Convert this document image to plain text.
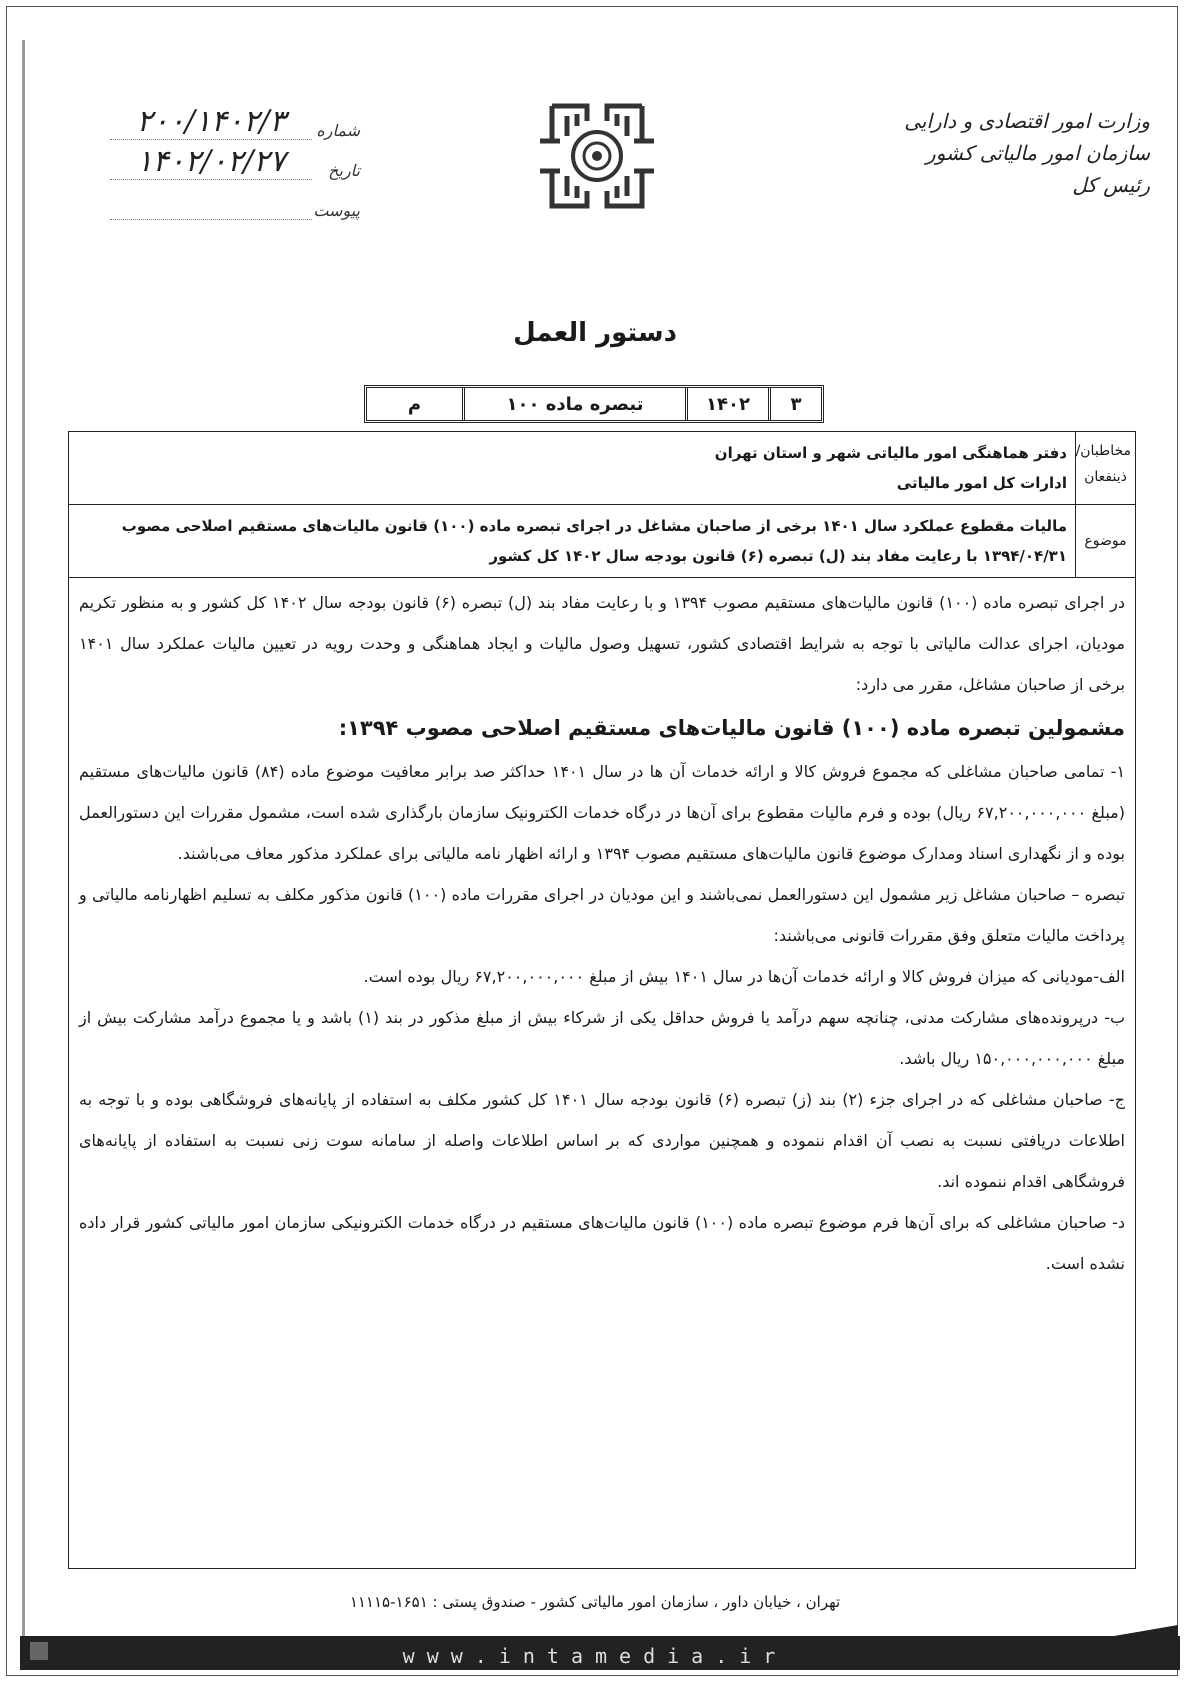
وزارت امور اقتصادی و دارایی
سازمان امور مالیاتی کشور
رئیس کل
شماره
۲۰۰/۱۴۰۲/۳
تاریخ
۱۴۰۲/۰۲/۲۷
پیوست
دستور العمل
۳
۱۴۰۲
تبصره ماده ۱۰۰
م
مخاطبان/ ذینفعان
دفتر هماهنگی امور مالیاتی شهر و استان تهران
ادارات کل امور مالیاتی
موضوع
مالیات مقطوع عملکرد سال ۱۴۰۱ برخی از صاحبان مشاغل در اجرای تبصره ماده (۱۰۰) قانون مالیات‌های مستقیم اصلاحی مصوب ۱۳۹۴/۰۴/۳۱ با رعایت مفاد بند (ل) تبصره (۶) قانون بودجه سال ۱۴۰۲ کل کشور

در اجرای تبصره ماده (۱۰۰) قانون مالیات‌های مستقیم مصوب ۱۳۹۴ و با رعایت مفاد بند (ل) تبصره (۶) قانون بودجه سال ۱۴۰۲ کل کشور و به منظور تکریم مودیان، اجرای عدالت مالیاتی با توجه به شرایط اقتصادی کشور، تسهیل وصول مالیات و ایجاد هماهنگی و وحدت رویه در تعیین مالیات عملکرد سال ۱۴۰۱ برخی از صاحبان مشاغل، مقرر می دارد:

مشمولین تبصره ماده (۱۰۰) قانون مالیات‌های مستقیم اصلاحی مصوب ۱۳۹۴:

۱- تمامی صاحبان مشاغلی که مجموع فروش کالا و ارائه خدمات آن ها در سال ۱۴۰۱ حداکثر صد برابر معافیت موضوع ماده (۸۴) قانون مالیات‌های مستقیم (مبلغ ۶۷,۲۰۰,۰۰۰,۰۰۰ ریال) بوده و فرم مالیات مقطوع برای آن‌ها در درگاه خدمات الکترونیک سازمان بارگذاری شده است، مشمول مقررات این دستورالعمل بوده و از نگهداری اسناد ومدارک موضوع قانون مالیات‌های مستقیم مصوب ۱۳۹۴ و ارائه اظهار نامه مالیاتی برای عملکرد مذکور معاف می‌باشند.

تبصره – صاحبان مشاغل زیر مشمول این دستورالعمل نمی‌باشند و این مودیان در اجرای مقررات ماده (۱۰۰) قانون مذکور مکلف به تسلیم اظهارنامه مالیاتی و پرداخت مالیات متعلق وفق مقررات قانونی می‌باشند:

الف-مودیانی که میزان فروش کالا و ارائه خدمات آن‌ها در سال ۱۴۰۱ بیش از مبلغ ۶۷,۲۰۰,۰۰۰,۰۰۰ ریال بوده است.

ب- درپرونده‌های مشارکت مدنی، چنانچه سهم درآمد یا فروش حداقل یکی از شرکاء بیش از مبلغ مذکور در بند (۱) باشد و یا مجموع درآمد مشارکت بیش از مبلغ ۱۵۰,۰۰۰,۰۰۰,۰۰۰ ریال باشد.

ج- صاحبان مشاغلی که در اجرای جزء (۲) بند (ز) تبصره (۶) قانون بودجه سال ۱۴۰۱ کل کشور مکلف به استفاده از پایانه‌های فروشگاهی بوده و با توجه به اطلاعات دریافتی نسبت به نصب آن اقدام ننموده و همچنین مواردی که بر اساس اطلاعات واصله از سامانه سوت زنی نسبت به استفاده از پایانه‌های فروشگاهی اقدام ننموده اند.

د- صاحبان مشاغلی که برای آن‌ها فرم موضوع تبصره ماده (۱۰۰) قانون مالیات‌های مستقیم در درگاه خدمات الکترونیکی سازمان امور مالیاتی کشور قرار داده نشده است.

تهران ، خیابان داور ، سازمان امور مالیاتی کشور - صندوق پستی : ۱۶۵۱-۱۱۱۱۵
www.intamedia.ir
